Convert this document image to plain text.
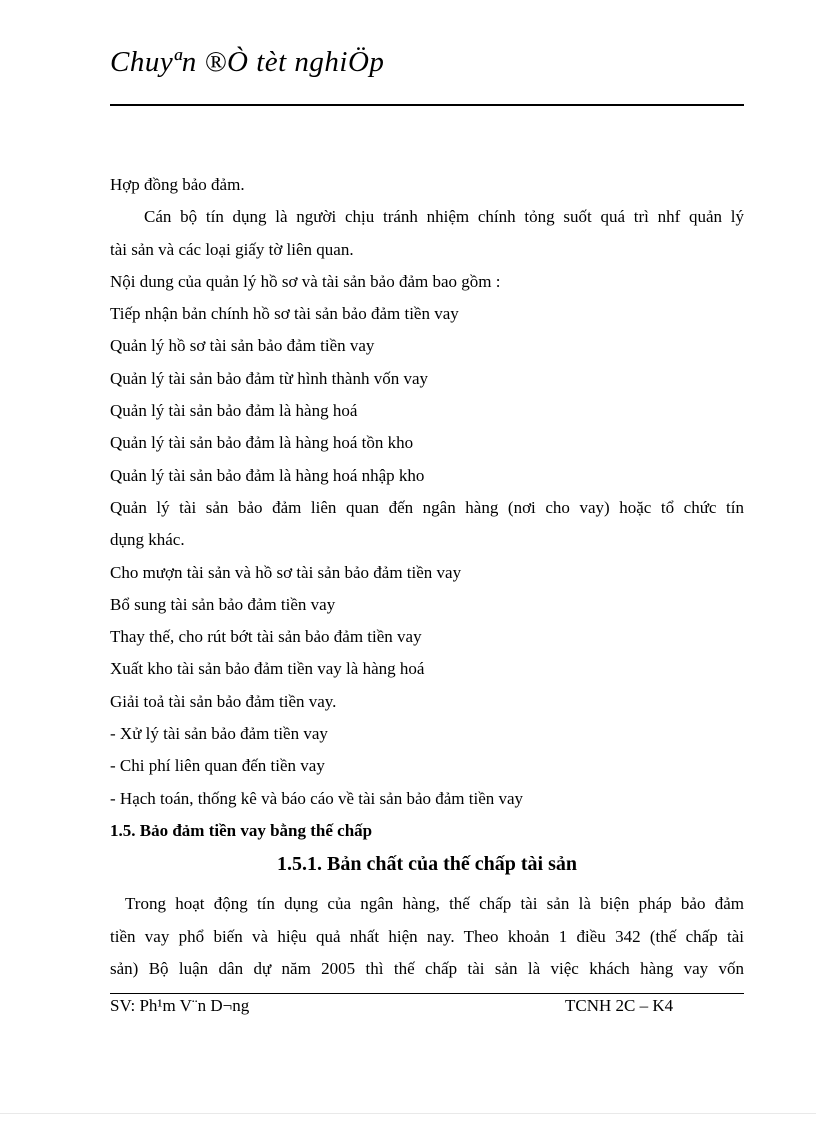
Chuyªn ®Ò tèt nghiÖp

Hợp đồng bảo đảm.

Cán bộ tín dụng là người chịu tránh nhiệm chính tỏng suốt quá trì nhf quản lý

tài sản và các loại giấy tờ liên quan.

Nội dung của quản lý hồ sơ và tài sản bảo đảm bao gồm :

Tiếp nhận bản chính hồ sơ tài sản bảo đảm tiền vay

Quản lý hồ sơ tài sản bảo đảm tiền vay

Quản lý tài sản bảo đảm từ hình thành vốn vay

Quản lý tài sản bảo đảm là hàng hoá

Quản lý tài sản bảo đảm là hàng hoá tồn kho

Quản lý tài sản bảo đảm là hàng hoá nhập kho

Quản lý tài sản bảo đảm liên quan đến ngân hàng (nơi cho vay) hoặc tổ chức tín

dụng khác.

Cho mượn tài sản và hồ sơ tài sản bảo đảm tiền vay

Bổ sung tài sản bảo đảm tiền vay

Thay thế, cho rút bớt tài sản bảo đảm tiền vay

Xuất kho tài sản bảo đảm tiền vay là hàng hoá

Giải toả tài sản bảo đảm tiền vay.

- Xử lý tài sản bảo đảm tiền vay

- Chi phí liên quan đến tiền vay

- Hạch toán, thống kê và báo cáo về tài sản bảo đảm tiền vay

1.5. Bảo đảm tiền vay bằng thế chấp

1.5.1. Bản chất của thế chấp tài sản

Trong hoạt động tín dụng của ngân hàng, thế chấp tài sản là biện pháp bảo đảm

tiền vay phổ biến và hiệu quả nhất hiện nay. Theo khoản 1 điều 342 (thế chấp tài

sản) Bộ luận dân dự năm 2005 thì thế chấp tài sản là việc khách hàng vay vốn

SV: Ph¹m V¨n D¬ng	TCNH 2C – K4
